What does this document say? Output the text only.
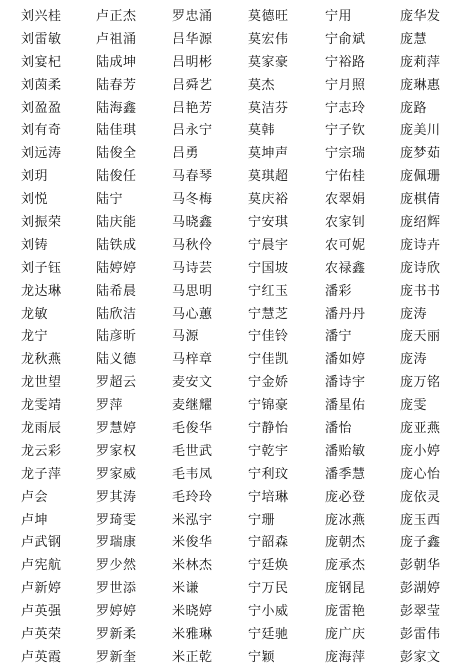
刘兴桂
刘雷敏
刘宴杞
刘茵柔
刘盈盈
刘有奇
刘远涛
刘玥
刘悦
刘振荣
刘铸
刘子钰
龙达琳
龙敏
龙宁
龙秋燕
龙世望
龙雯靖
龙雨辰
龙云彩
龙子萍
卢会
卢坤
卢武钢
卢宪航
卢新婷
卢英强
卢英荣
卢英霞
卢正杰
卢祖涌
陆成坤
陆春芳
陆海鑫
陆佳琪
陆俊全
陆俊任
陆宁
陆庆能
陆铁成
陆婷婷
陆希晨
陆欣洁
陆彦昕
陆义德
罗超云
罗萍
罗慧婷
罗家权
罗家威
罗其涛
罗琦雯
罗瑞康
罗少然
罗世添
罗婷婷
罗新柔
罗新奎
罗忠涌
吕华源
吕明彬
吕舜艺
吕艳芳
吕永宁
吕勇
马春琴
马冬梅
马晓鑫
马秋伶
马诗芸
马思明
马心蕙
马源
马梓章
麦安文
麦继耀
毛俊华
毛世武
毛韦凤
毛玲玲
米泓宇
米俊华
米林杰
米谦
米晓婷
米雅琳
米正乾
莫德旺
莫宏伟
莫家豪
莫杰
莫洁芬
莫韩
莫坤声
莫琪超
莫庆裕
宁安琪
宁晨宇
宁国坡
宁红玉
宁慧芝
宁佳铃
宁佳凯
宁金娇
宁锦豪
宁静怡
宁乾宇
宁利玟
宁培琳
宁珊
宁韶森
宁廷焕
宁万民
宁小威
宁廷驰
宁颖
宁用
宁俞斌
宁裕路
宁月照
宁志玲
宁子钦
宁宗瑞
宁佑桂
农翠娟
农家钊
农可妮
农禄鑫
潘彩
潘丹丹
潘宁
潘如婷
潘诗宇
潘星佑
潘怡
潘贻敏
潘季慧
庞必登
庞冰燕
庞朝杰
庞承杰
庞钢昆
庞雷艳
庞广庆
庞海萍
庞华发
庞慧
庞莉萍
庞琳惠
庞路
庞美川
庞梦茹
庞佩珊
庞棋倩
庞绍辉
庞诗卉
庞诗欣
庞书书
庞涛
庞天丽
庞涛
庞万铭
庞雯
庞亚燕
庞小婷
庞心怡
庞依灵
庞玉西
庞子鑫
彭朝华
彭湖婷
彭翠莹
彭雷伟
彭家文
